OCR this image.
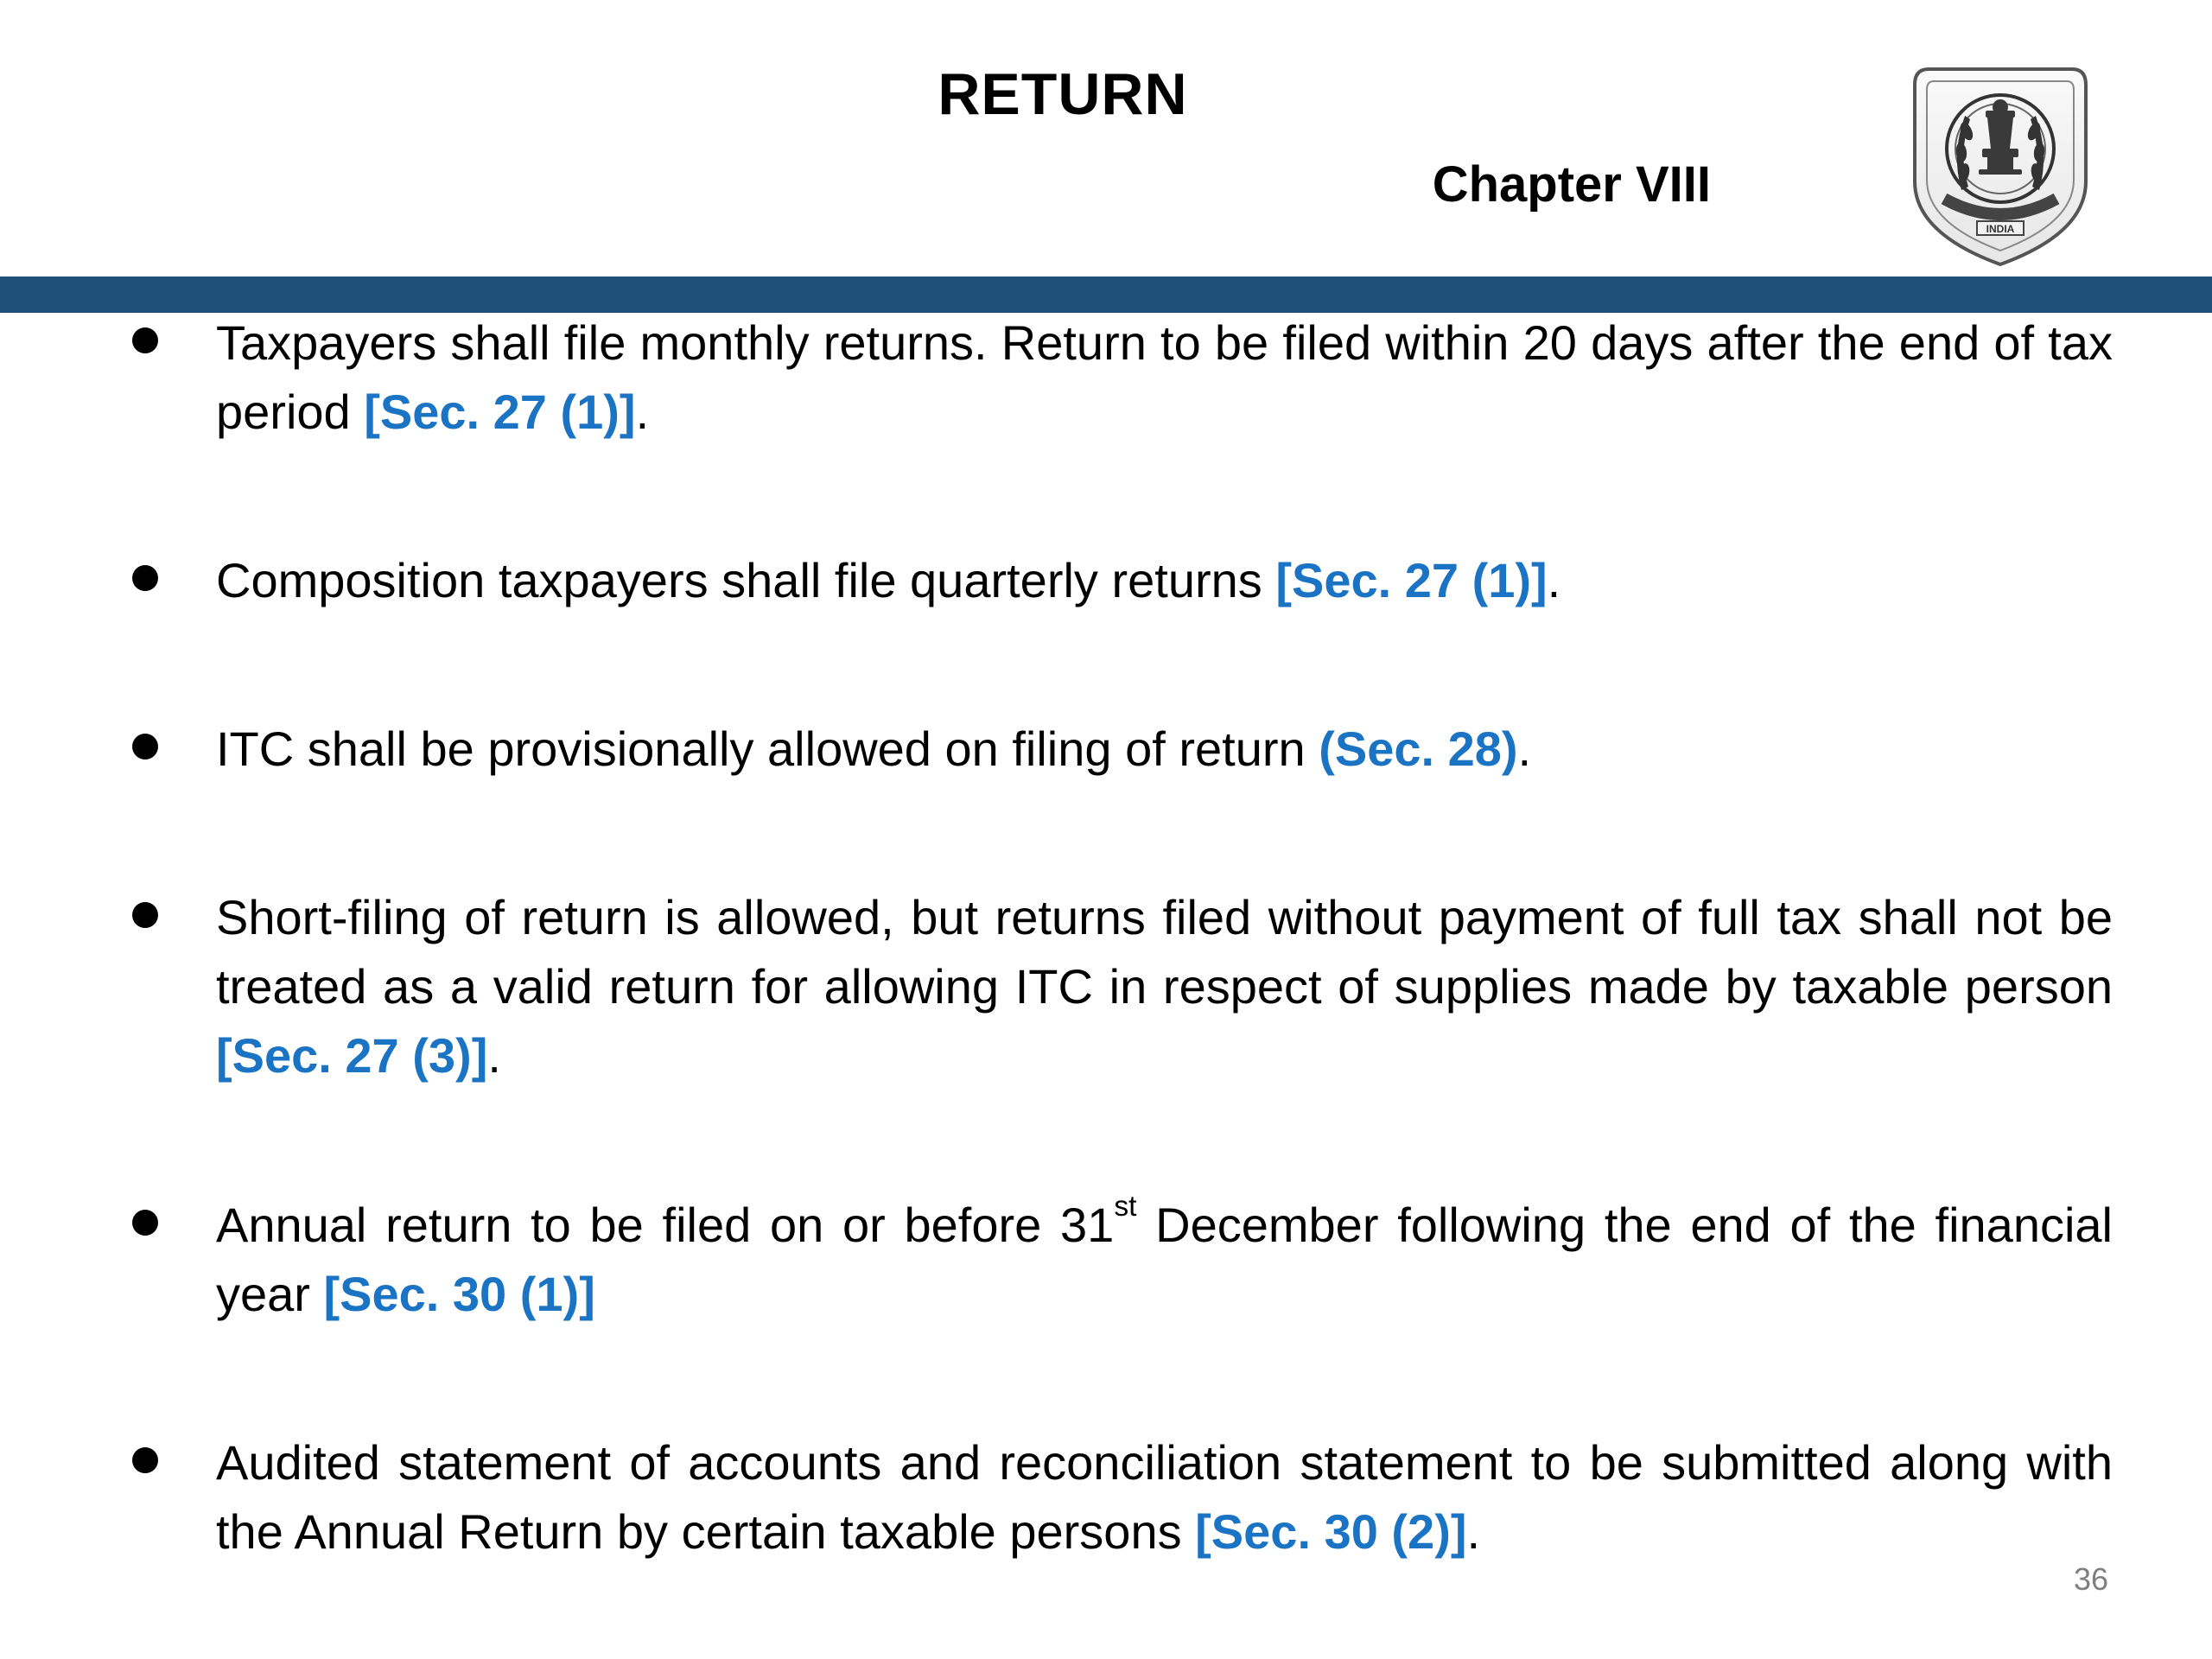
RETURN
Chapter VIII
INDIA
Taxpayers shall file monthly returns. Return to be filed within 20 days after the end of tax period [Sec. 27 (1)].
Composition taxpayers shall file quarterly returns [Sec. 27 (1)].
ITC shall be provisionally allowed on filing of return (Sec. 28).
Short-filing of return is allowed, but returns filed without payment of full tax shall not be treated as a valid return for allowing ITC in respect of supplies made by taxable person [Sec. 27 (3)].
Annual return to be filed on or before 31st December following the end of the financial year [Sec. 30 (1)]
Audited statement of accounts and reconciliation statement to be submitted along with the Annual Return by certain taxable persons [Sec. 30 (2)].
36
